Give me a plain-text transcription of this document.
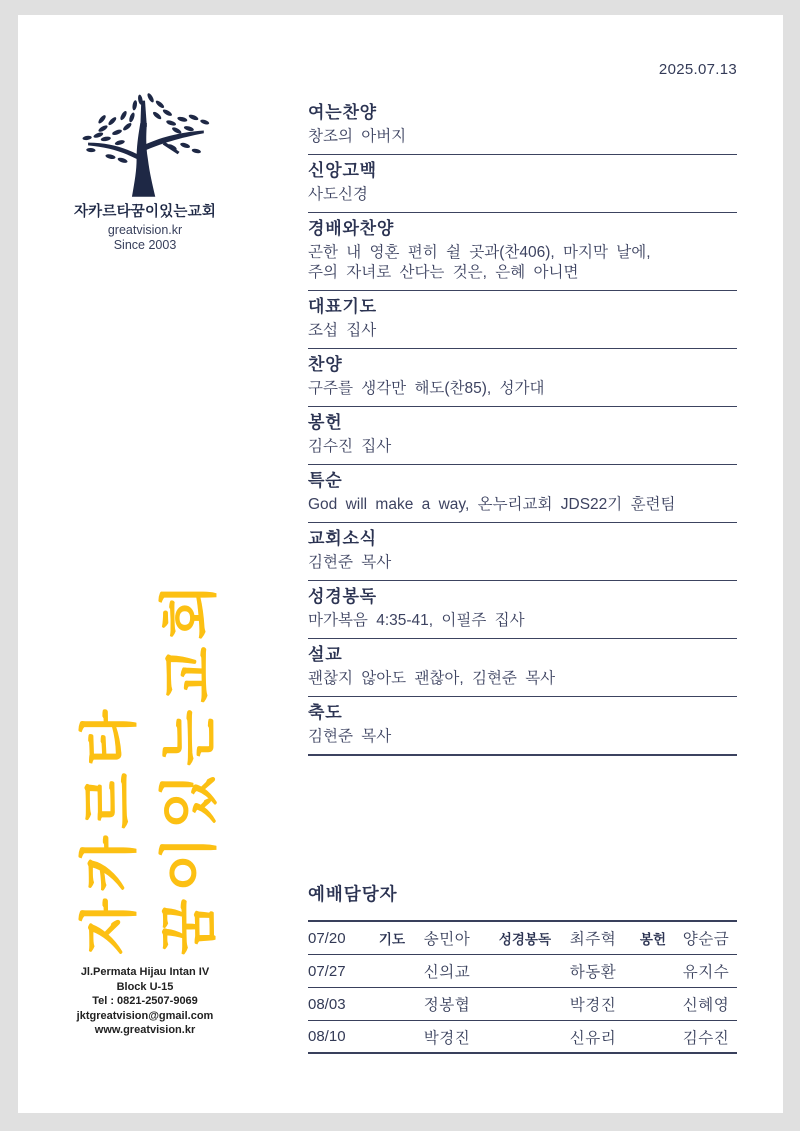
2025.07.13
자카르타꿈이있는교회
greatvision.kr
Since 2003
자카르타 꿈이있는교회
Jl.Permata Hijau Intan IV
Block U-15
Tel : 0821-2507-9069
jktgreatvision@gmail.com
www.greatvision.kr
여는찬양
창조의 아버지
신앙고백
사도신경
경배와찬양
곤한 내 영혼 편히 쉴 곳과(찬406), 마지막 날에,
주의 자녀로 산다는 것은, 은혜 아니면
대표기도
조섭 집사
찬양
구주를 생각만 해도(찬85), 성가대
봉헌
김수진 집사
특순
God will make a way, 온누리교회 JDS22기 훈련팀
교회소식
김현준 목사
성경봉독
마가복음 4:35-41, 이필주 집사
설교
괜찮지 않아도 괜찮아, 김현준 목사
축도
김현준 목사
예배담당자
07/20	기도	송민아	성경봉독	최주혁	봉헌	양순금
07/27	신의교	하동환	유지수
08/03	정봉협	박경진	신혜영
08/10	박경진	신유리	김수진
